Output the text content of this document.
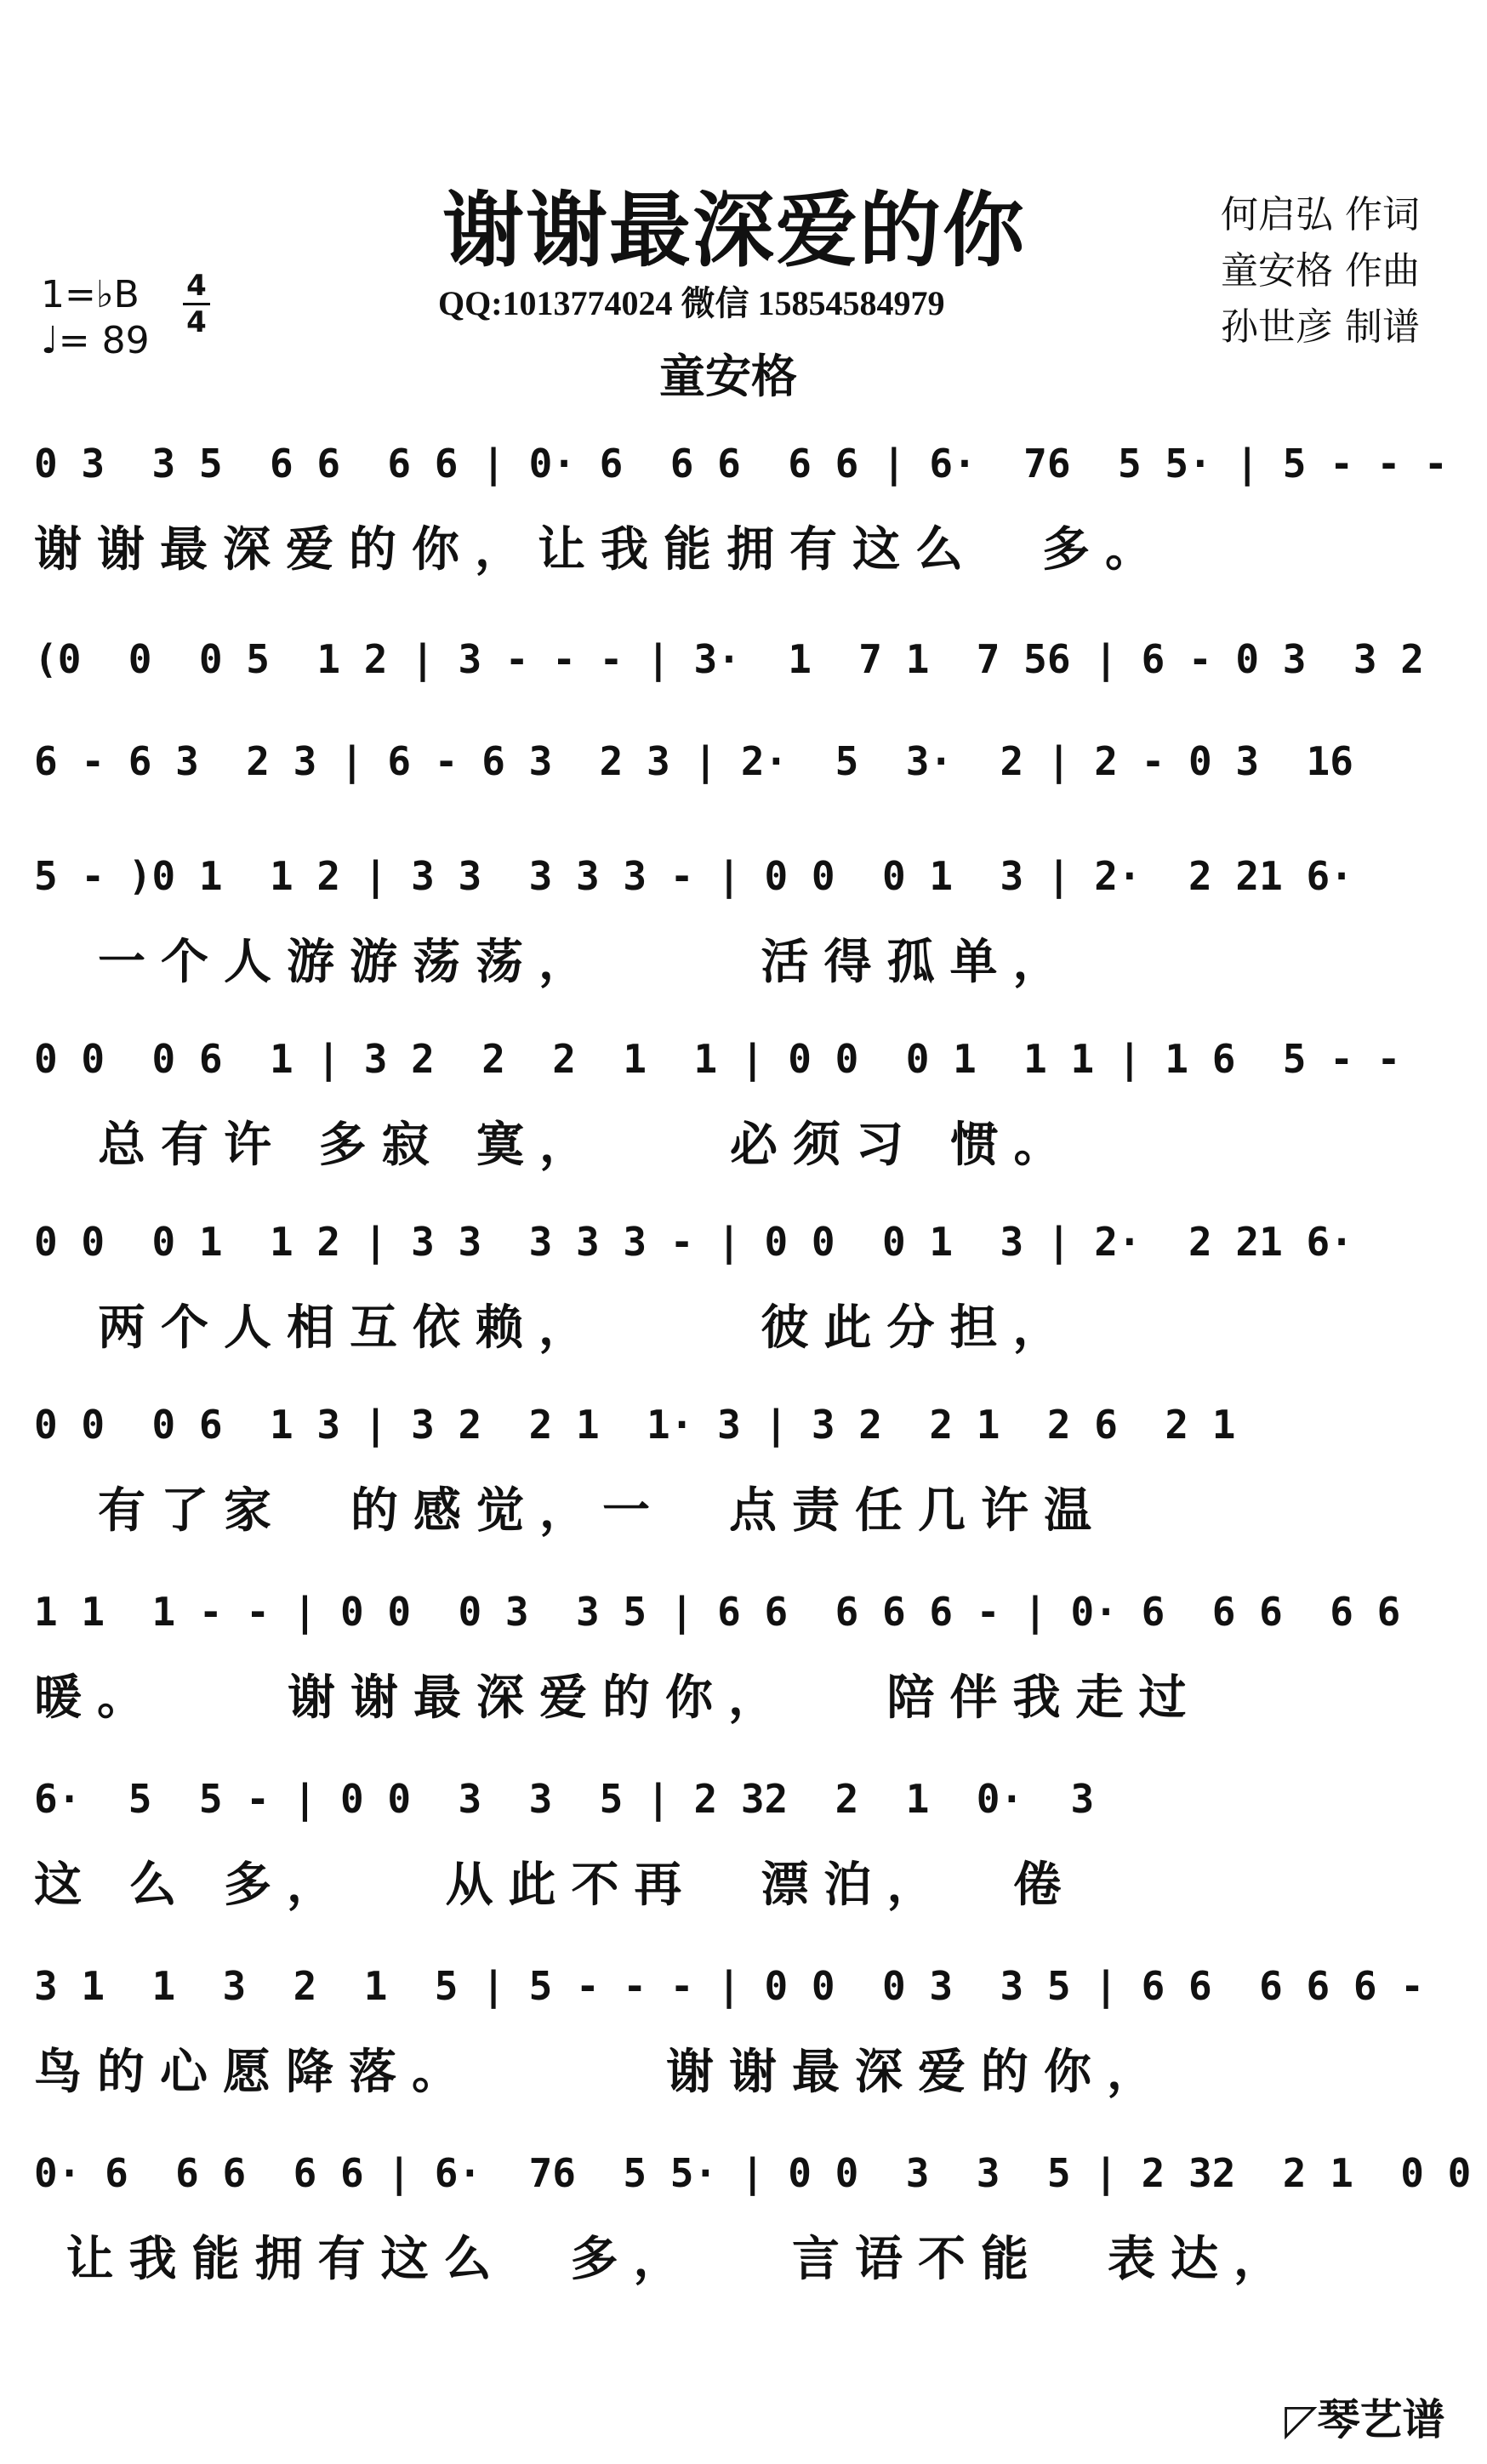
谢谢最深爱的你	何启弘 作词
童安格 作曲
孙世彦 制谱
1=♭B
♩= 89
4
4	QQ:1013774024 微信 15854584979
童安格
0 3  3 5  6 6  6 6 | 0· 6  6 6  6 6 | 6·  76  5 5· | 5 - - -
谢谢最深爱的你，让我能拥有这么  多。
(0  0  0 5  1 2 | 3 - - - | 3·  1  7 1  7 56 | 6 - 0 3  3 2
6 - 6 3  2 3 | 6 - 6 3  2 3 | 2·  5  3·  2 | 2 - 0 3  16
5 - )0 1  1 2 | 3 3  3 3 3 - | 0 0  0 1  3 | 2·  2 21 6·
一个人游游荡荡，     活得孤单，
0 0  0 6  1 | 3 2  2  2  1  1 | 0 0  0 1  1 1 | 1 6  5 - -
总有许 多寂 寞，    必须习 惯。
0 0  0 1  1 2 | 3 3  3 3 3 - | 0 0  0 1  3 | 2·  2 21 6·
两个人相互依赖，     彼此分担，
0 0  0 6  1 3 | 3 2  2 1  1· 3 | 3 2  2 1  2 6  2 1
有了家  的感觉，一  点责任几许温
1 1  1 - - | 0 0  0 3  3 5 | 6 6  6 6 6 - | 0· 6  6 6  6 6
暖。    谢谢最深爱的你，   陪伴我走过
6·  5  5 - | 0 0  3  3  5 | 2 32  2  1  0·  3
这 么 多，   从此不再  漂泊，  倦
3 1  1  3  2  1  5 | 5 - - - | 0 0  0 3  3 5 | 6 6  6 6 6 -
鸟的心愿降落。      谢谢最深爱的你，
0· 6  6 6  6 6 | 6·  76  5 5· | 0 0  3  3  5 | 2 32  2 1  0 0
让我能拥有这么  多，   言语不能  表达，
◸琴艺谱
